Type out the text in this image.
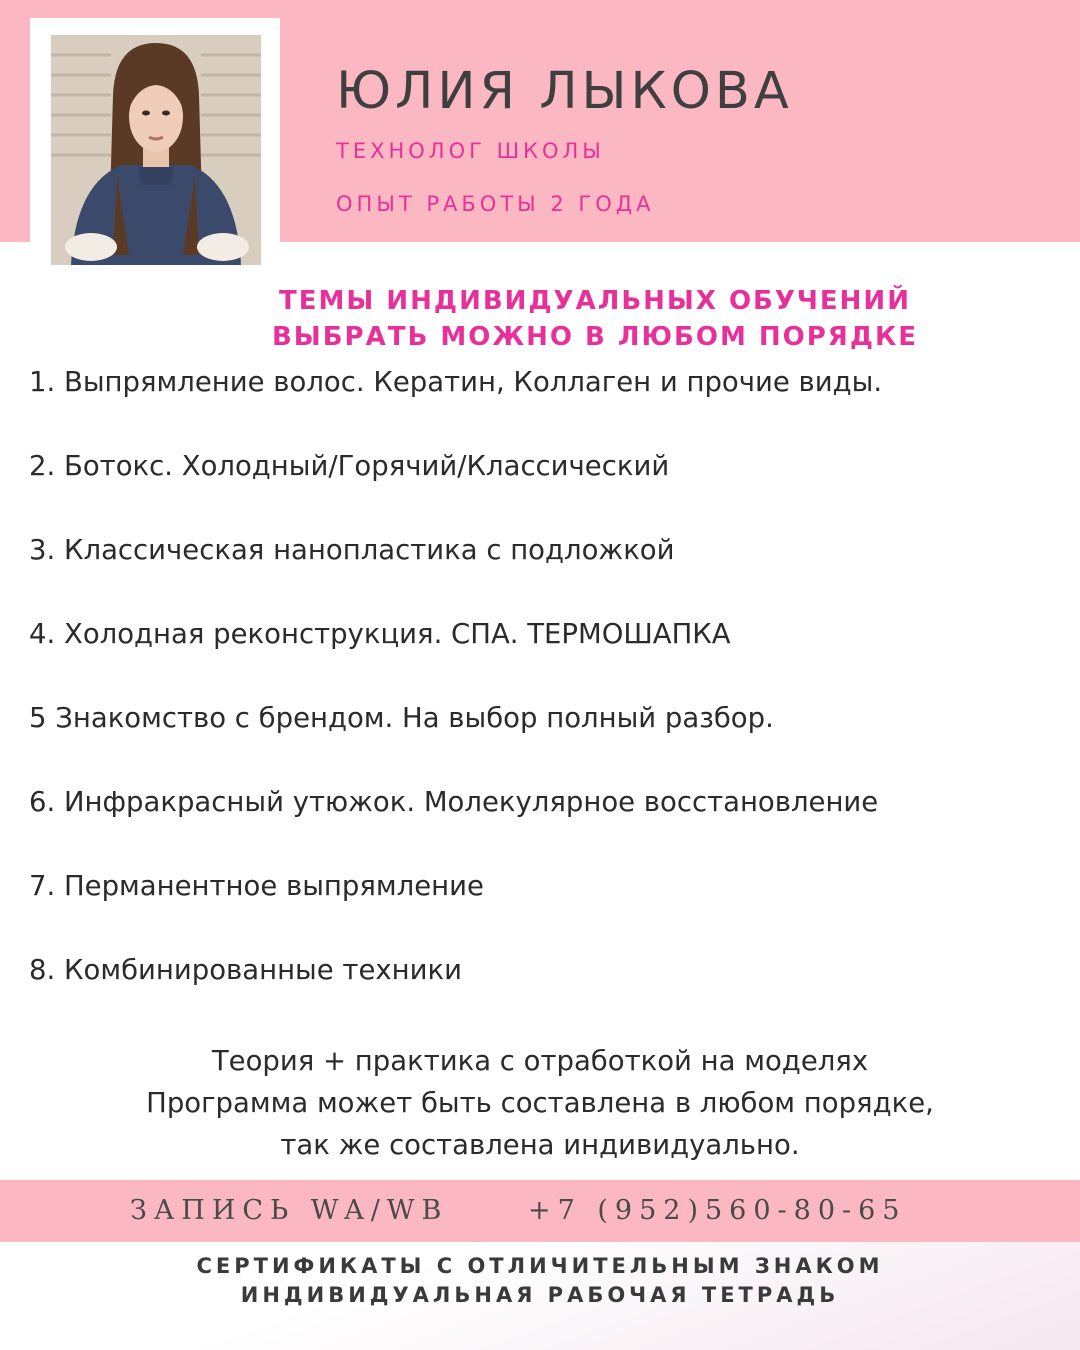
ЮЛИЯ ЛЫКОВА
ТЕХНОЛОГ ШКОЛЫ
ОПЫТ РАБОТЫ 2 ГОДА
ТЕМЫ ИНДИВИДУАЛЬНЫХ ОБУЧЕНИЙ
ВЫБРАТЬ МОЖНО В ЛЮБОМ ПОРЯДКЕ
1. Выпрямление волос. Кератин, Коллаген и прочие виды.
2. Ботокс. Холодный/Горячий/Классический
3. Классическая нанопластика с подложкой
4. Холодная реконструкция. СПА. ТЕРМОШАПКА
5 Знакомство с брендом. На выбор полный разбор.
6. Инфракрасный утюжок. Молекулярное восстановление
7. Перманентное выпрямление
8. Комбинированные техники
Теория + практика с отработкой на моделях
Программа может быть составлена в любом порядке,
так же составлена индивидуально.
ЗАПИСЬ WA/WB	+7 (952)560-80-65
СЕРТИФИКАТЫ С ОТЛИЧИТЕЛЬНЫМ ЗНАКОМ
ИНДИВИДУАЛЬНАЯ РАБОЧАЯ ТЕТРАДЬ
